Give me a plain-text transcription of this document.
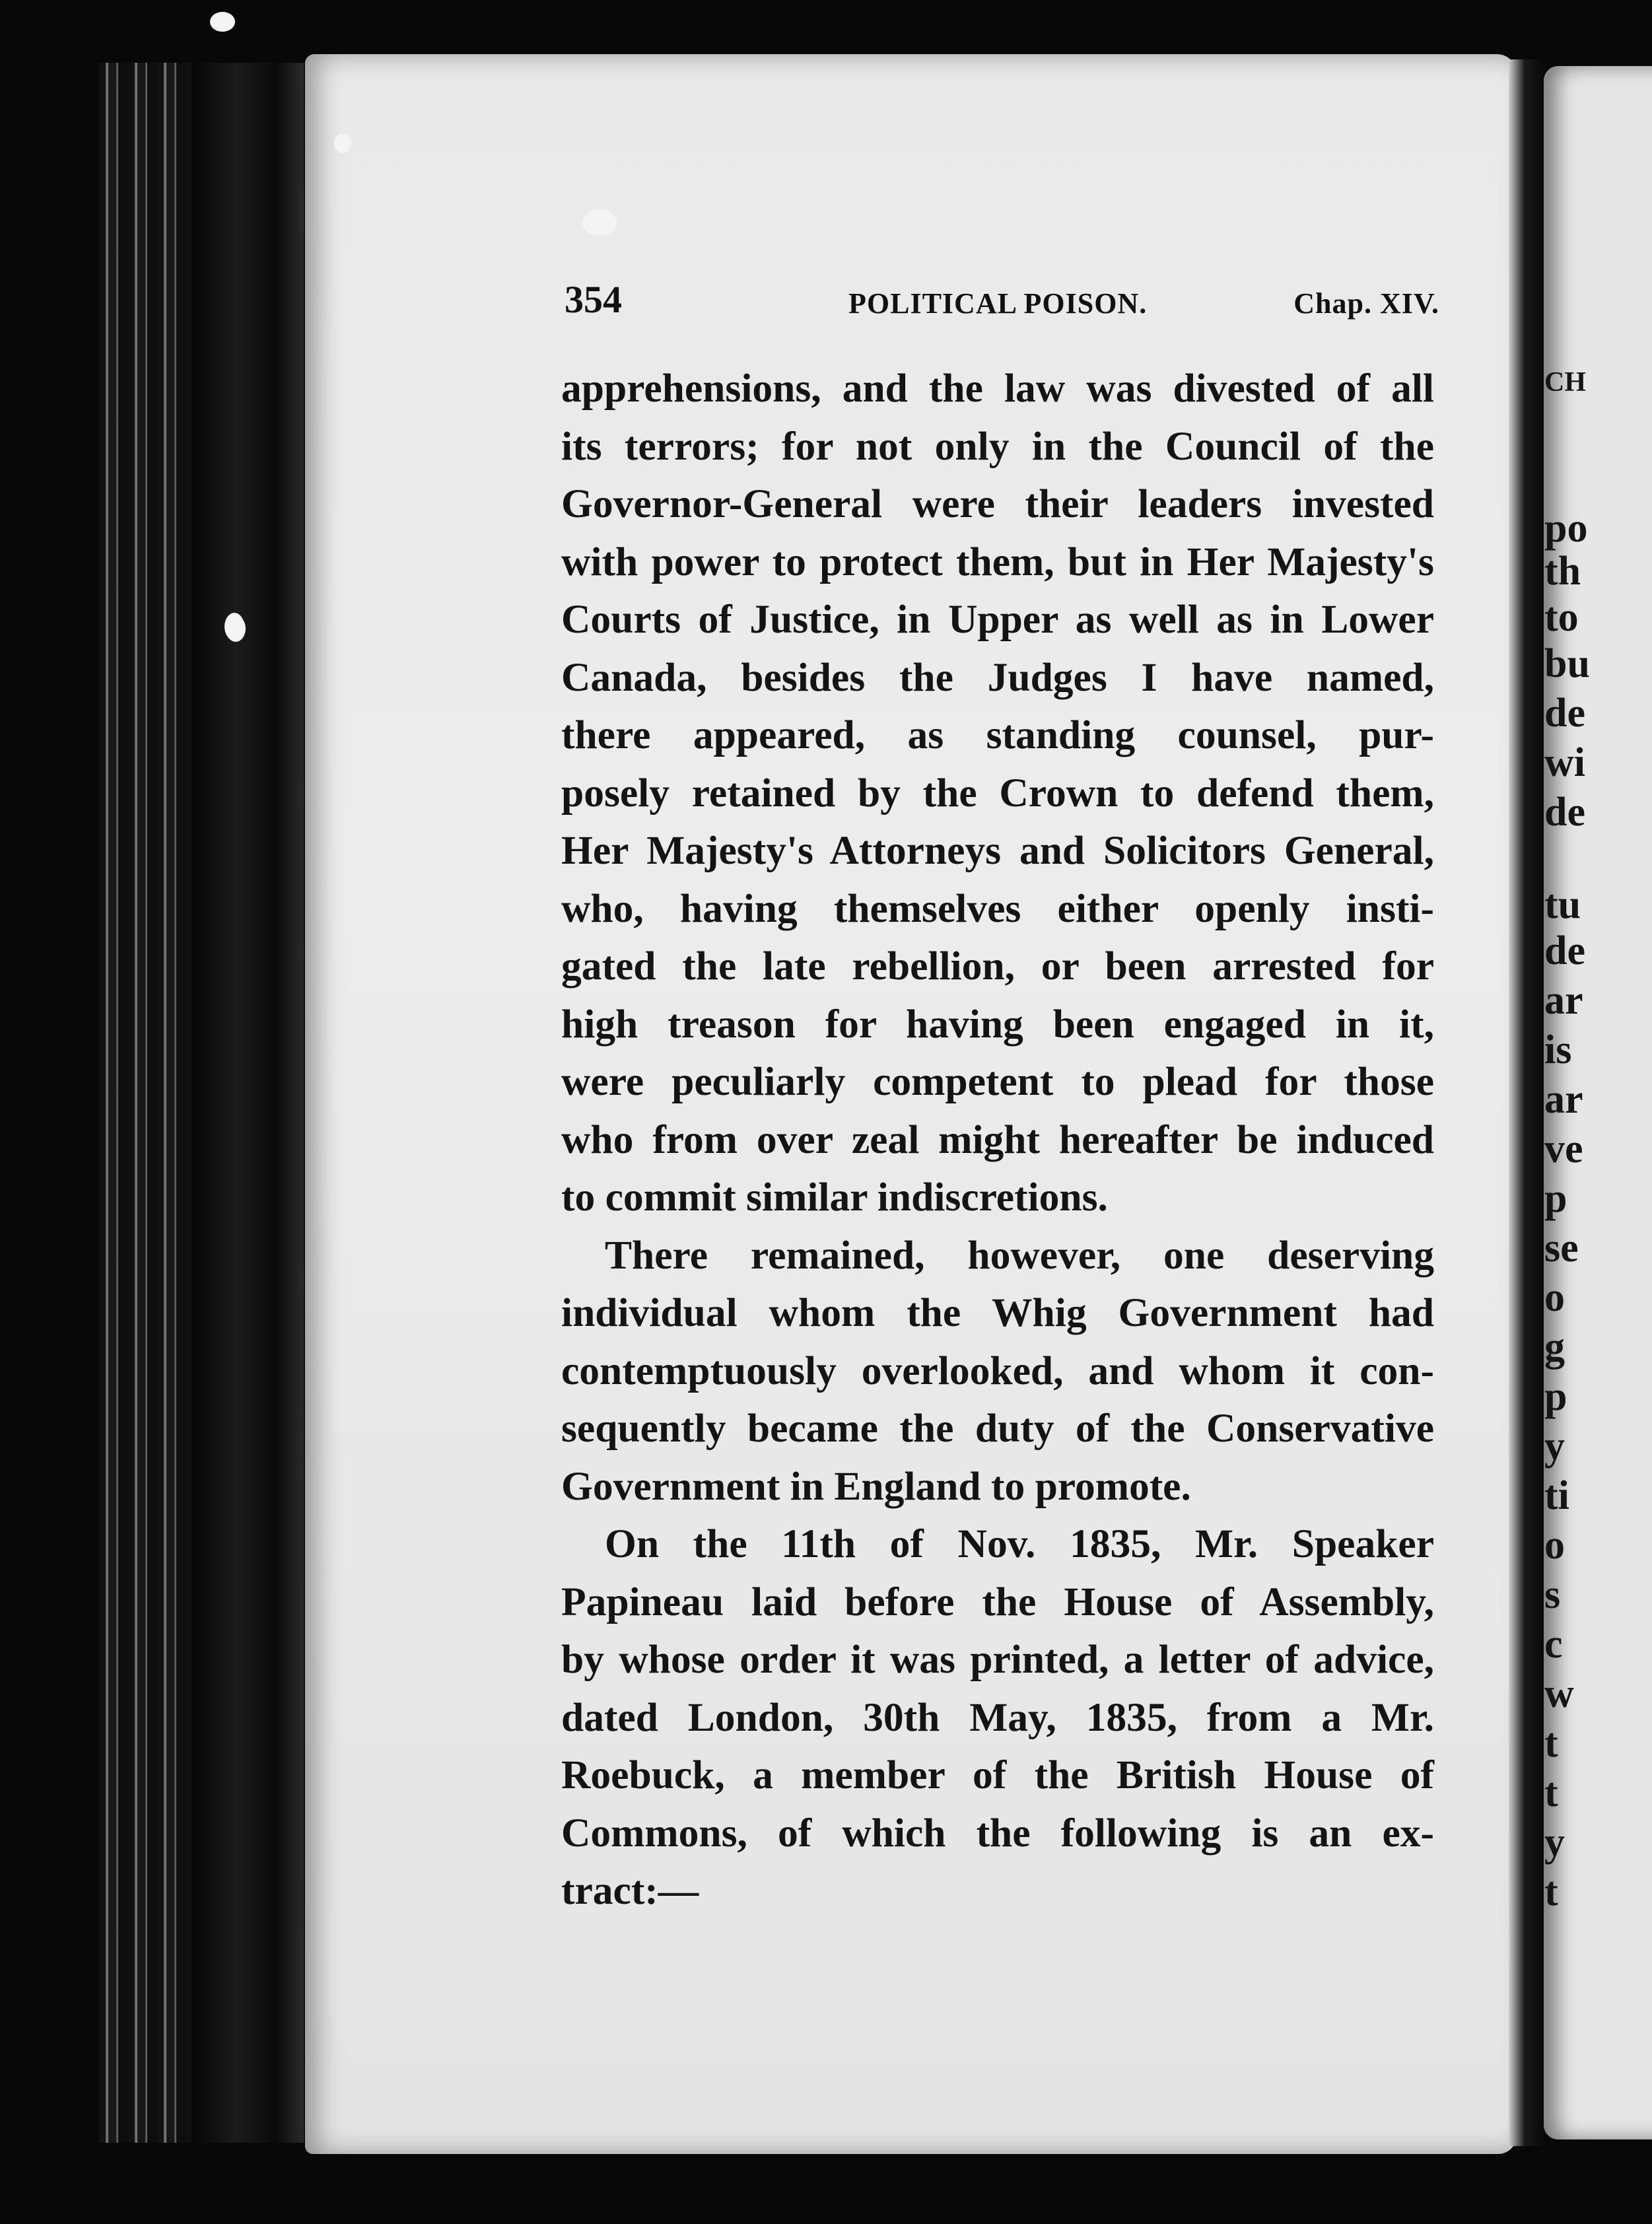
CH
po
th
to
bu
de
wi
de
tu
de
ar
is
ar
ve
p
se
o
g
p
y
ti
o
s
c
w
t
t
y
t
354	POLITICAL POISON.	Chap. XIV.
apprehensions, and the law was divested of all
its terrors; for not only in the Council of the
Governor-General were their leaders invested
with power to protect them, but in Her Majesty's
Courts of Justice, in Upper as well as in Lower
Canada, besides the Judges I have named,
there appeared, as standing counsel, pur-
posely retained by the Crown to defend them,
Her Majesty's Attorneys and Solicitors General,
who, having themselves either openly insti-
gated the late rebellion, or been arrested for
high treason for having been engaged in it,
were peculiarly competent to plead for those
who from over zeal might hereafter be induced
to commit similar indiscretions.
There remained, however, one deserving
individual whom the Whig Government had
contemptuously overlooked, and whom it con-
sequently became the duty of the Conservative
Government in England to promote.
On the 11th of Nov. 1835, Mr. Speaker
Papineau laid before the House of Assembly,
by whose order it was printed, a letter of advice,
dated London, 30th May, 1835, from a Mr.
Roebuck, a member of the British House of
Commons, of which the following is an ex-
tract:—
